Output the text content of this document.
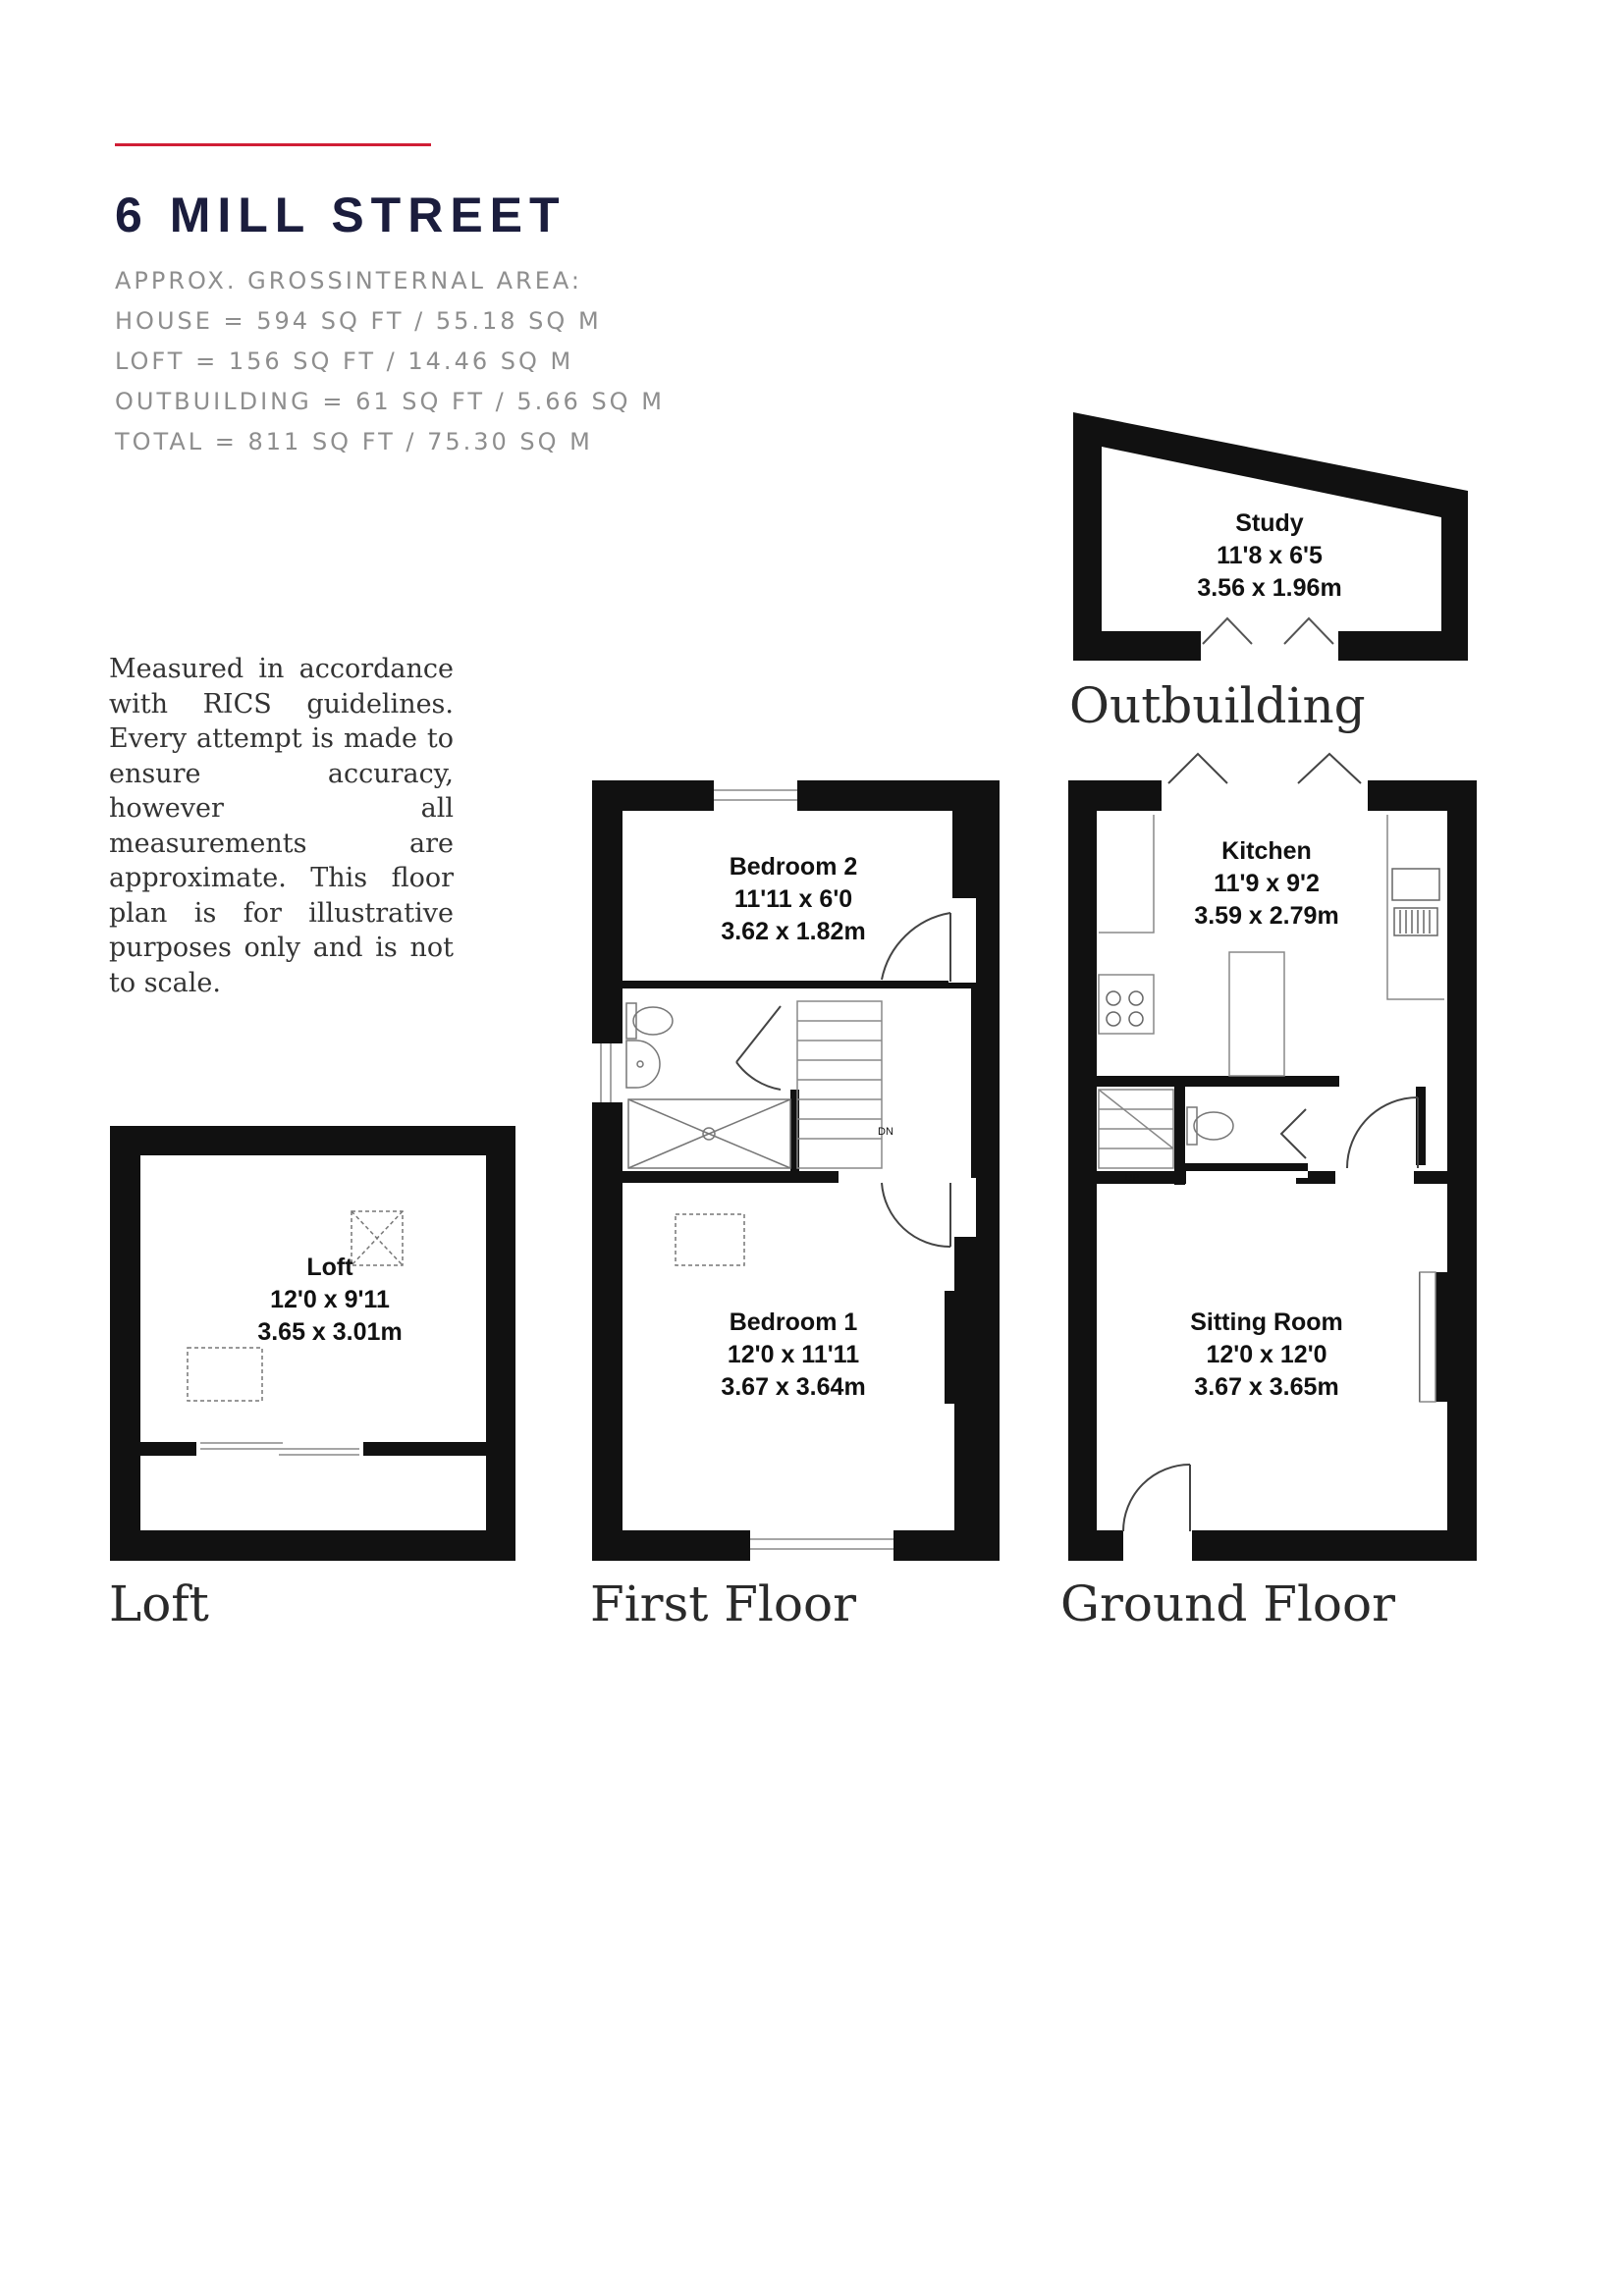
6 MILL STREET
APPROX. GROSSINTERNAL AREA:
HOUSE = 594 SQ FT / 55.18 SQ M
LOFT = 156 SQ FT / 14.46 SQ M
OUTBUILDING = 61 SQ FT / 5.66 SQ M
TOTAL = 811 SQ FT / 75.30 SQ M
Measured in accordance with RICS guidelines. Every attempt is made to ensure accuracy, however all measurements are approximate. This floor plan is for illustrative purposes only and is not to scale.
DN
UP
Study
11'8 x 6'5
3.56 x 1.96m
Loft
12'0 x 9'11
3.65 x 3.01m
Bedroom 2
11'11 x 6'0
3.62 x 1.82m
Bedroom 1
12'0 x 11'11
3.67 x 3.64m
Kitchen
11'9 x 9'2
3.59 x 2.79m
Sitting Room
12'0 x 12'0
3.67 x 3.65m
Outbuilding
Loft	First Floor	Ground Floor
